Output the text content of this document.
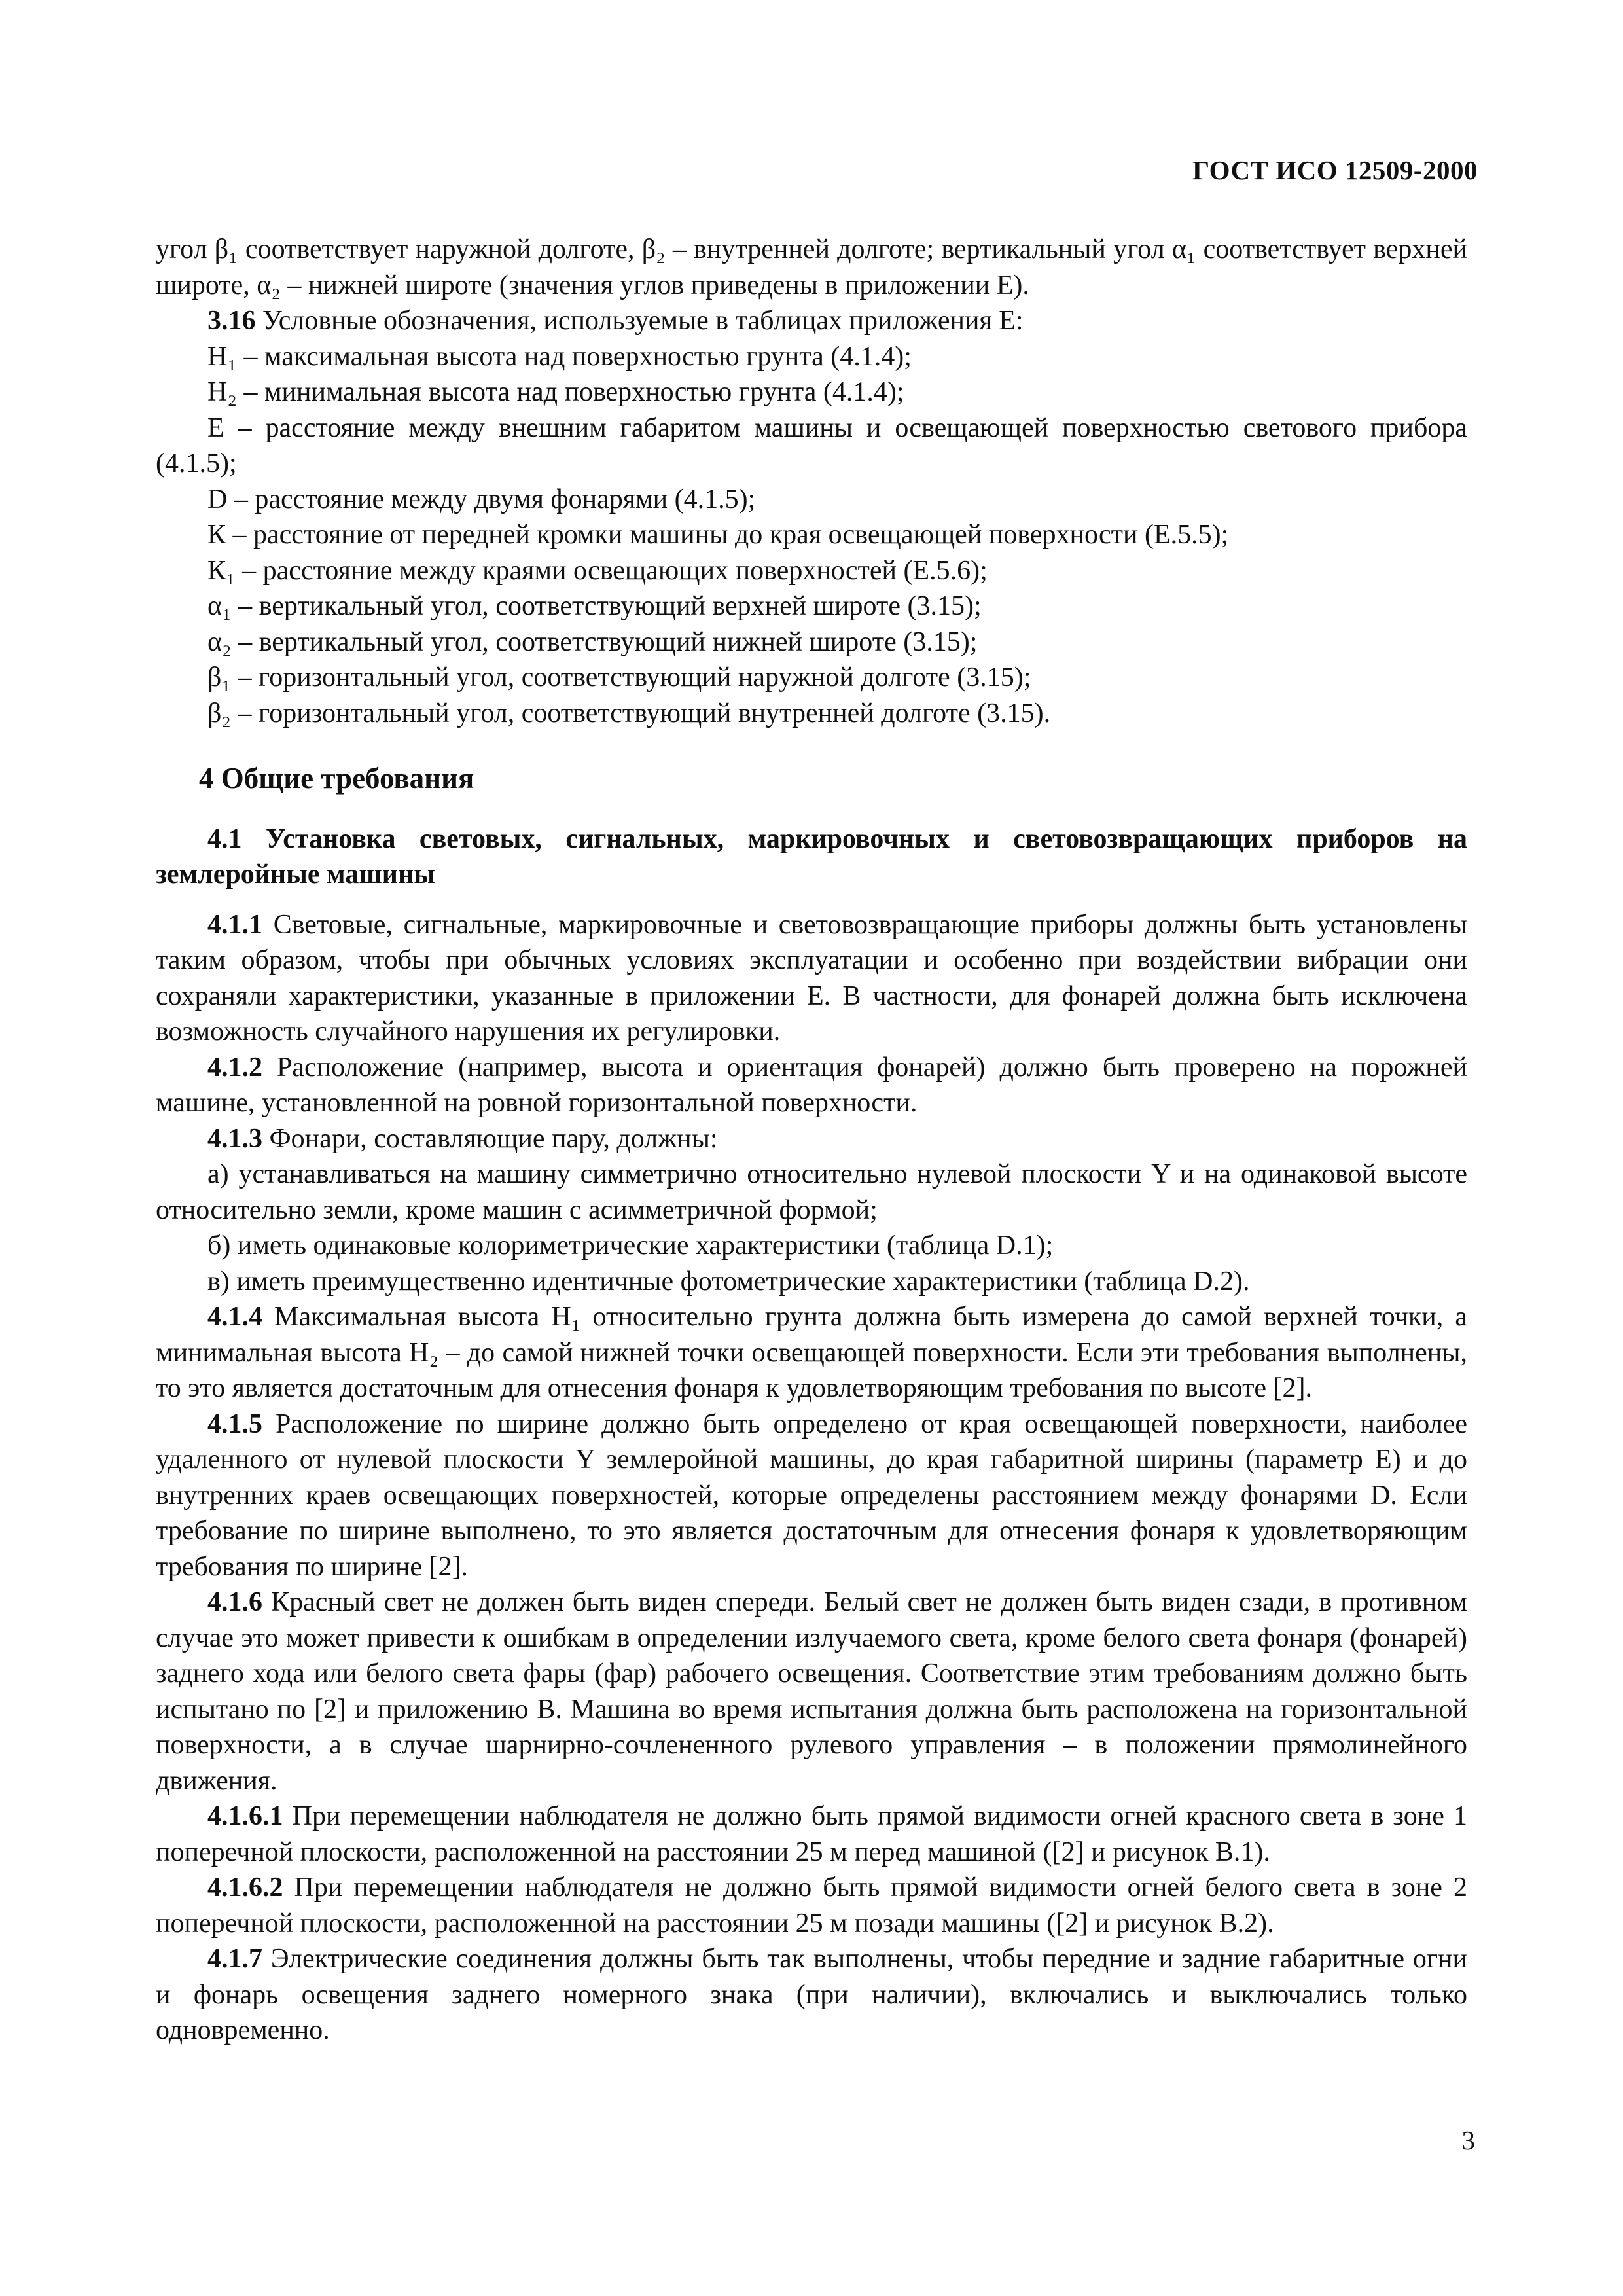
ГОСТ ИСО 12509-2000

угол β₁ соответствует наружной долготе, β₂ – внутренней долготе; вертикальный угол α₁ соответствует верхней широте, α₂ – нижней широте (значения углов приведены в приложении Е).

3.16 Условные обозначения, используемые в таблицах приложения Е:

H₁ – максимальная высота над поверхностью грунта (4.1.4);

H₂ – минимальная высота над поверхностью грунта (4.1.4);

Е – расстояние между внешним габаритом машины и освещающей поверхностью светового прибора (4.1.5);

D – расстояние между двумя фонарями (4.1.5);

К – расстояние от передней кромки машины до края освещающей поверхности (Е.5.5);

К₁ – расстояние между краями освещающих поверхностей (Е.5.6);

α₁ – вертикальный угол, соответствующий верхней широте (3.15);

α₂ – вертикальный угол, соответствующий нижней широте (3.15);

β₁ – горизонтальный угол, соответствующий наружной долготе (3.15);

β₂ – горизонтальный угол, соответствующий внутренней долготе (3.15).

4 Общие требования

4.1 Установка световых, сигнальных, маркировочных и световозвращающих приборов на землеройные машины

4.1.1 Световые, сигнальные, маркировочные и световозвращающие приборы должны быть установлены таким образом, чтобы при обычных условиях эксплуатации и особенно при воздействии вибрации они сохраняли характеристики, указанные в приложении Е. В частности, для фонарей должна быть исключена возможность случайного нарушения их регулировки.

4.1.2 Расположение (например, высота и ориентация фонарей) должно быть проверено на порожней машине, установленной на ровной горизонтальной поверхности.

4.1.3 Фонари, составляющие пару, должны:

а) устанавливаться на машину симметрично относительно нулевой плоскости Y и на одинаковой высоте относительно земли, кроме машин с асимметричной формой;

б) иметь одинаковые колориметрические характеристики (таблица D.1);

в) иметь преимущественно идентичные фотометрические характеристики (таблица D.2).

4.1.4 Максимальная высота H₁ относительно грунта должна быть измерена до самой верхней точки, а минимальная высота H₂ – до самой нижней точки освещающей поверхности. Если эти требования выполнены, то это является достаточным для отнесения фонаря к удовлетворяющим требования по высоте [2].

4.1.5 Расположение по ширине должно быть определено от края освещающей поверхности, наиболее удаленного от нулевой плоскости Y землеройной машины, до края габаритной ширины (параметр Е) и до внутренних краев освещающих поверхностей, которые определены расстоянием между фонарями D. Если требование по ширине выполнено, то это является достаточным для отнесения фонаря к удовлетворяющим требования по ширине [2].

4.1.6 Красный свет не должен быть виден спереди. Белый свет не должен быть виден сзади, в противном случае это может привести к ошибкам в определении излучаемого света, кроме белого света фонаря (фонарей) заднего хода или белого света фары (фар) рабочего освещения. Соответствие этим требованиям должно быть испытано по [2] и приложению В. Машина во время испытания должна быть расположена на горизонтальной поверхности, а в случае шарнирно-сочлененного рулевого управления – в положении прямолинейного движения.

4.1.6.1 При перемещении наблюдателя не должно быть прямой видимости огней красного света в зоне 1 поперечной плоскости, расположенной на расстоянии 25 м перед машиной ([2] и рисунок В.1).

4.1.6.2 При перемещении наблюдателя не должно быть прямой видимости огней белого света в зоне 2 поперечной плоскости, расположенной на расстоянии 25 м позади машины ([2] и рисунок В.2).

4.1.7 Электрические соединения должны быть так выполнены, чтобы передние и задние габаритные огни и фонарь освещения заднего номерного знака (при наличии), включались и выключались только одновременно.

3
